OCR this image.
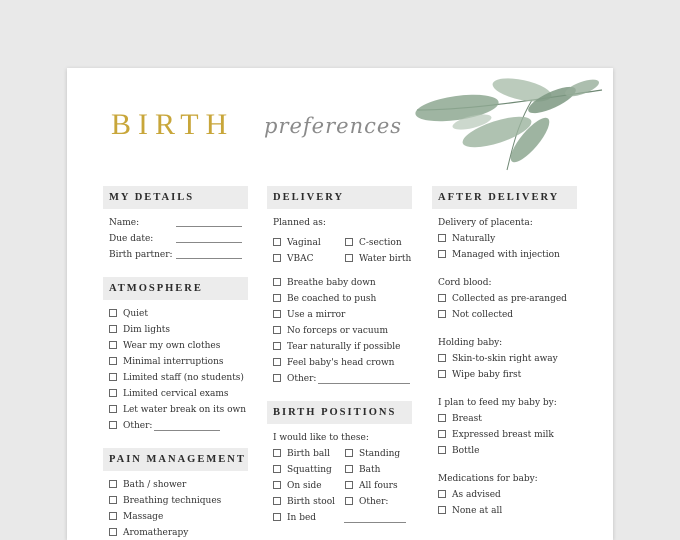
BIRTH preferences
MY DETAILS
Name:
Due date:
Birth partner:
ATMOSPHERE
Quiet
Dim lights
Wear my own clothes
Minimal interruptions
Limited staff (no students)
Limited cervical exams
Let water break on its own
Other:
PAIN MANAGEMENT
Bath / shower
Breathing techniques
Massage
Aromatherapy
DELIVERY
Planned as:
Vaginal	C-section
VBAC	Water birth
Breathe baby down
Be coached to push
Use a mirror
No forceps or vacuum
Tear naturally if possible
Feel baby's head crown
Other:
BIRTH POSITIONS
I would like to these:
Birth ball	Standing
Squatting	Bath
On side	All fours
Birth stool	Other:
In bed
AFTER DELIVERY
Delivery of placenta:
Naturally
Managed with injection
Cord blood:
Collected as pre-aranged
Not collected
Holding baby:
Skin-to-skin right away
Wipe baby first
I plan to feed my baby by:
Breast
Expressed breast milk
Bottle
Medications for baby:
As advised
None at all
